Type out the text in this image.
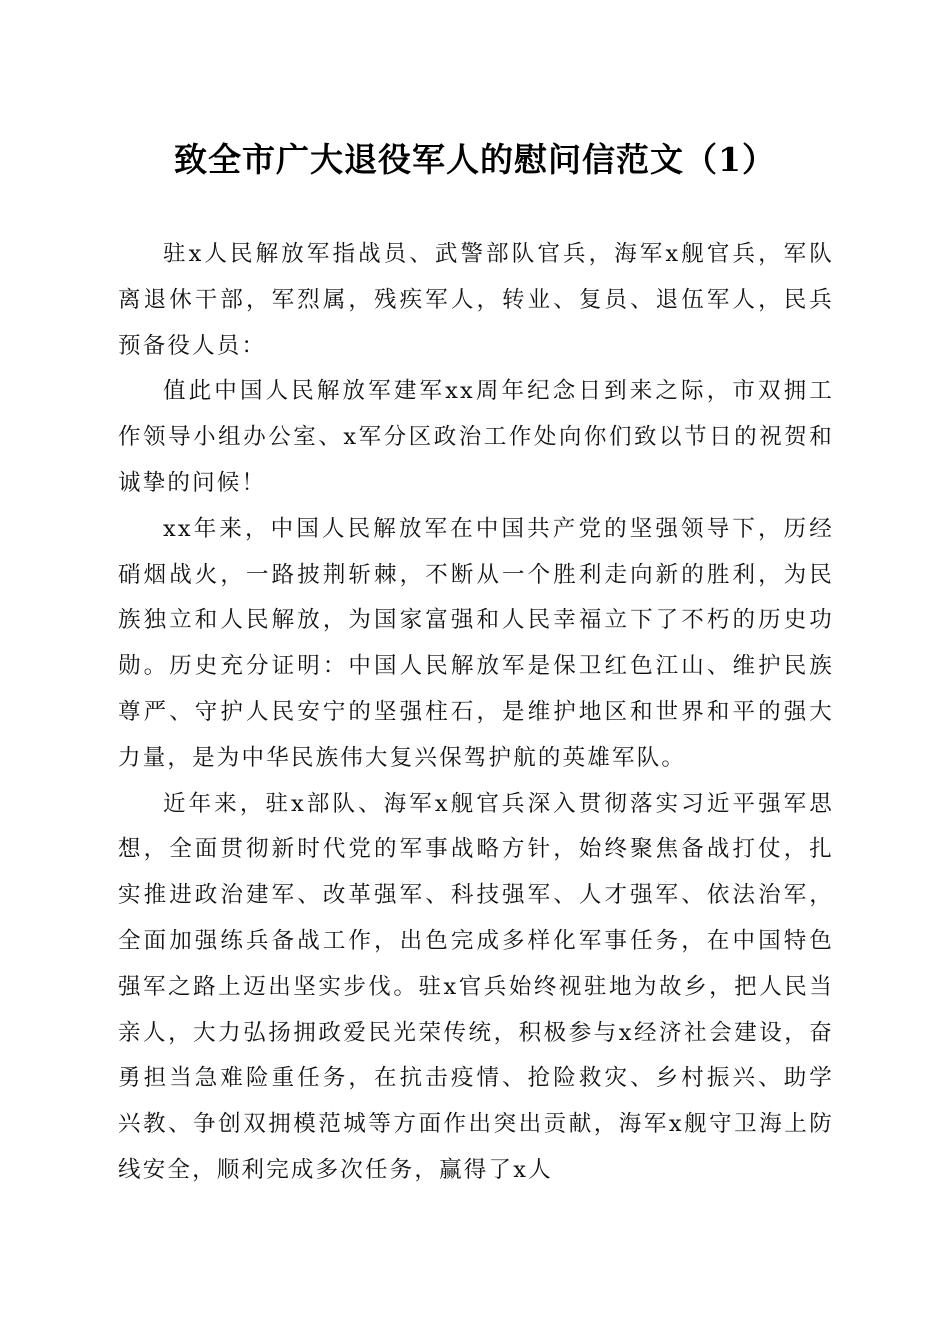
致全市广大退役军人的慰问信范文（1）

驻x人民解放军指战员、武警部队官兵，海军x舰官兵，军队离退休干部，军烈属，残疾军人，转业、复员、退伍军人，民兵预备役人员：

值此中国人民解放军建军xx周年纪念日到来之际，市双拥工作领导小组办公室、x军分区政治工作处向你们致以节日的祝贺和诚挚的问候！

xx年来，中国人民解放军在中国共产党的坚强领导下，历经硝烟战火，一路披荆斩棘，不断从一个胜利走向新的胜利，为民族独立和人民解放，为国家富强和人民幸福立下了不朽的历史功勋。历史充分证明：中国人民解放军是保卫红色江山、维护民族尊严、守护人民安宁的坚强柱石，是维护地区和世界和平的强大力量，是为中华民族伟大复兴保驾护航的英雄军队。

近年来，驻x部队、海军x舰官兵深入贯彻落实习近平强军思想，全面贯彻新时代党的军事战略方针，始终聚焦备战打仗，扎实推进政治建军、改革强军、科技强军、人才强军、依法治军，全面加强练兵备战工作，出色完成多样化军事任务，在中国特色强军之路上迈出坚实步伐。驻x官兵始终视驻地为故乡，把人民当亲人，大力弘扬拥政爱民光荣传统，积极参与x经济社会建设，奋勇担当急难险重任务，在抗击疫情、抢险救灾、乡村振兴、助学兴教、争创双拥模范城等方面作出突出贡献，海军x舰守卫海上防线安全，顺利完成多次任务，赢得了x人
